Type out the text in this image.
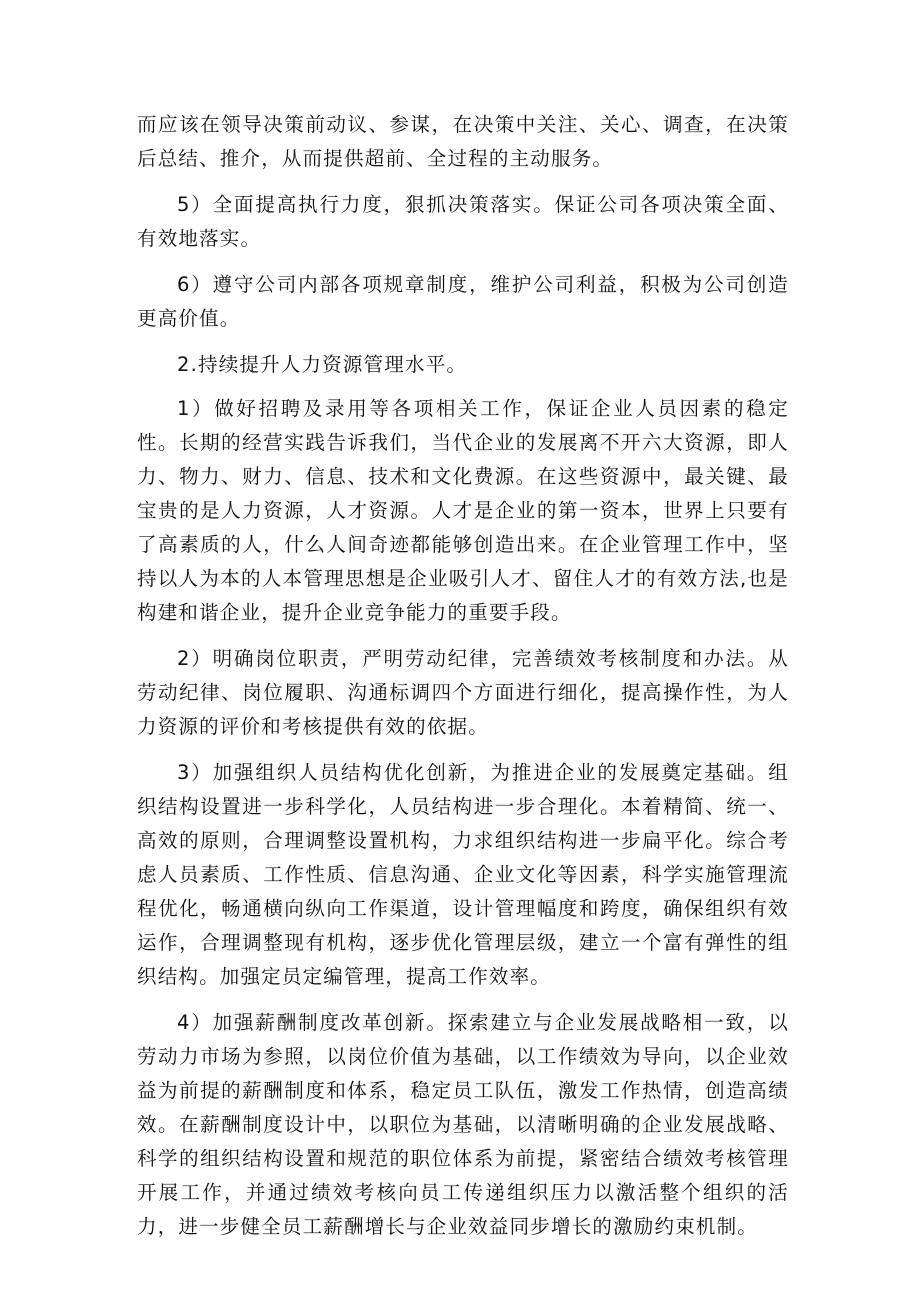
而应该在领导决策前动议、参谋，在决策中关注、关心、调查，在决策后总结、推介，从而提供超前、全过程的主动服务。

5）全面提高执行力度，狠抓决策落实。保证公司各项决策全面、有效地落实。

6）遵守公司内部各项规章制度，维护公司利益，积极为公司创造更高价值。

2.持续提升人力资源管理水平。

1）做好招聘及录用等各项相关工作，保证企业人员因素的稳定性。长期的经营实践告诉我们，当代企业的发展离不开六大资源，即人力、物力、财力、信息、技术和文化费源。在这些资源中，最关键、最宝贵的是人力资源，人才资源。人才是企业的第一资本，世界上只要有了高素质的人，什么人间奇迹都能够创造出来。在企业管理工作中，坚持以人为本的人本管理思想是企业吸引人才、留住人才的有效方法,也是构建和谐企业，提升企业竞争能力的重要手段。

2）明确岗位职责，严明劳动纪律，完善绩效考核制度和办法。从劳动纪律、岗位履职、沟通标调四个方面进行细化，提高操作性，为人力资源的评价和考核提供有效的依据。

3）加强组织人员结构优化创新，为推进企业的发展奠定基础。组织结构设置进一步科学化，人员结构进一步合理化。本着精简、统一、高效的原则，合理调整设置机构，力求组织结构进一步扁平化。综合考虑人员素质、工作性质、信息沟通、企业文化等因素，科学实施管理流程优化，畅通横向纵向工作渠道，设计管理幅度和跨度，确保组织有效运作，合理调整现有机构，逐步优化管理层级，建立一个富有弹性的组织结构。加强定员定编管理，提高工作效率。

4）加强薪酬制度改革创新。探索建立与企业发展战略相一致，以劳动力市场为参照，以岗位价值为基础，以工作绩效为导向，以企业效益为前提的薪酬制度和体系，稳定员工队伍，激发工作热情，创造高绩效。在薪酬制度设计中，以职位为基础，以清晰明确的企业发展战略、科学的组织结构设置和规范的职位体系为前提，紧密结合绩效考核管理开展工作，并通过绩效考核向员工传递组织压力以激活整个组织的活力，进一步健全员工薪酬增长与企业效益同步增长的激励约束机制。
